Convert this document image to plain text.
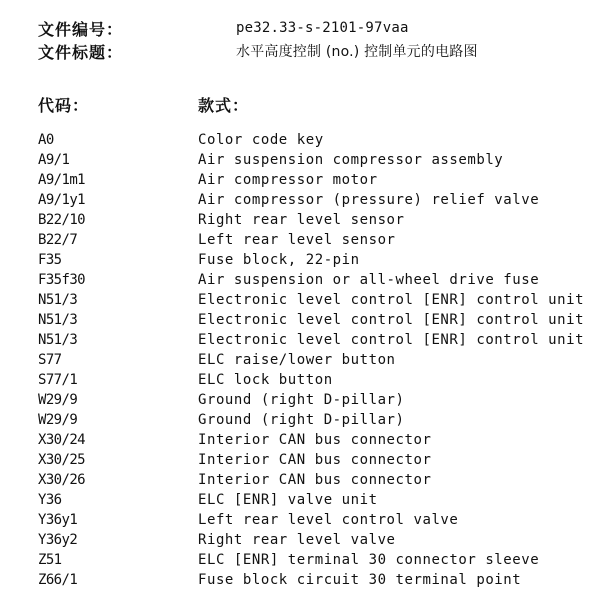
文件编号：	pe32.33-s-2101-97vaa
文件标题：	水平高度控制 (no.) 控制单元的电路图
代码：	款式：
A0	Color code key
A9/1	Air suspension compressor assembly
A9/1m1	Air compressor motor
A9/1y1	Air compressor (pressure) relief valve
B22/10	Right rear level sensor
B22/7	Left rear level sensor
F35	Fuse block, 22-pin
F35f30	Air suspension or all-wheel drive fuse
N51/3	Electronic level control [ENR] control unit
N51/3	Electronic level control [ENR] control unit
N51/3	Electronic level control [ENR] control unit
S77	ELC raise/lower button
S77/1	ELC lock button
W29/9	Ground (right D-pillar)
W29/9	Ground (right D-pillar)
X30/24	Interior CAN bus connector
X30/25	Interior CAN bus connector
X30/26	Interior CAN bus connector
Y36	ELC [ENR] valve unit
Y36y1	Left rear level control valve
Y36y2	Right rear level valve
Z51	ELC [ENR] terminal 30 connector sleeve
Z66/1	Fuse block circuit 30 terminal point
